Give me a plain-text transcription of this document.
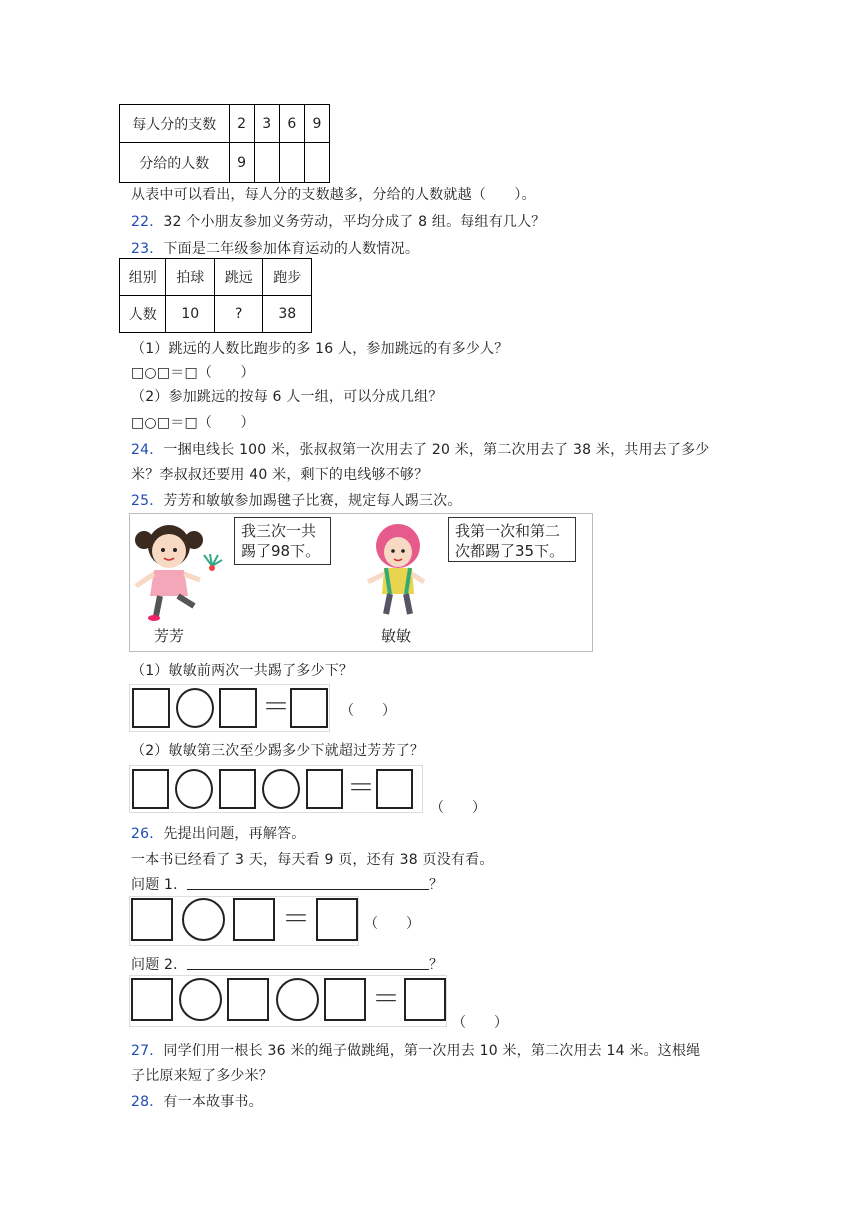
每人分的支数	2	3	6	9
分给的人数	9			
从表中可以看出，每人分的支数越多，分给的人数就越（　　）。
22．32 个小朋友参加义务劳动，平均分成了 8 组。每组有几人？
23．下面是二年级参加体育运动的人数情况。
组别	拍球	跳远	跑步
人数	10	?	38
（1）跳远的人数比跑步的多 16 人，参加跳远的有多少人？
□○□＝□（　　）
（2）参加跳远的按每 6 人一组，可以分成几组？
□○□＝□（　　）
24．一捆电线长 100 米，张叔叔第一次用去了 20 米，第二次用去了 38 米，共用去了多少
米？李叔叔还要用 40 米，剩下的电线够不够？
25．芳芳和敏敏参加踢毽子比赛，规定每人踢三次。
我三次一共踢了98下。
芳芳
我第一次和第二次都踢了35下。
敏敏
（1）敏敏前两次一共踢了多少下？
＝	（　　）
（2）敏敏第三次至少踢多少下就超过芳芳了？
＝
（　　）
26．先提出问题，再解答。
一本书已经看了 3 天，每天看 9 页，还有 38 页没有看。
问题 1．	？
＝	（　　）
问题 2．	？
＝
（　　）
27．同学们用一根长 36 米的绳子做跳绳，第一次用去 10 米，第二次用去 14 米。这根绳
子比原来短了多少米？
28．有一本故事书。
